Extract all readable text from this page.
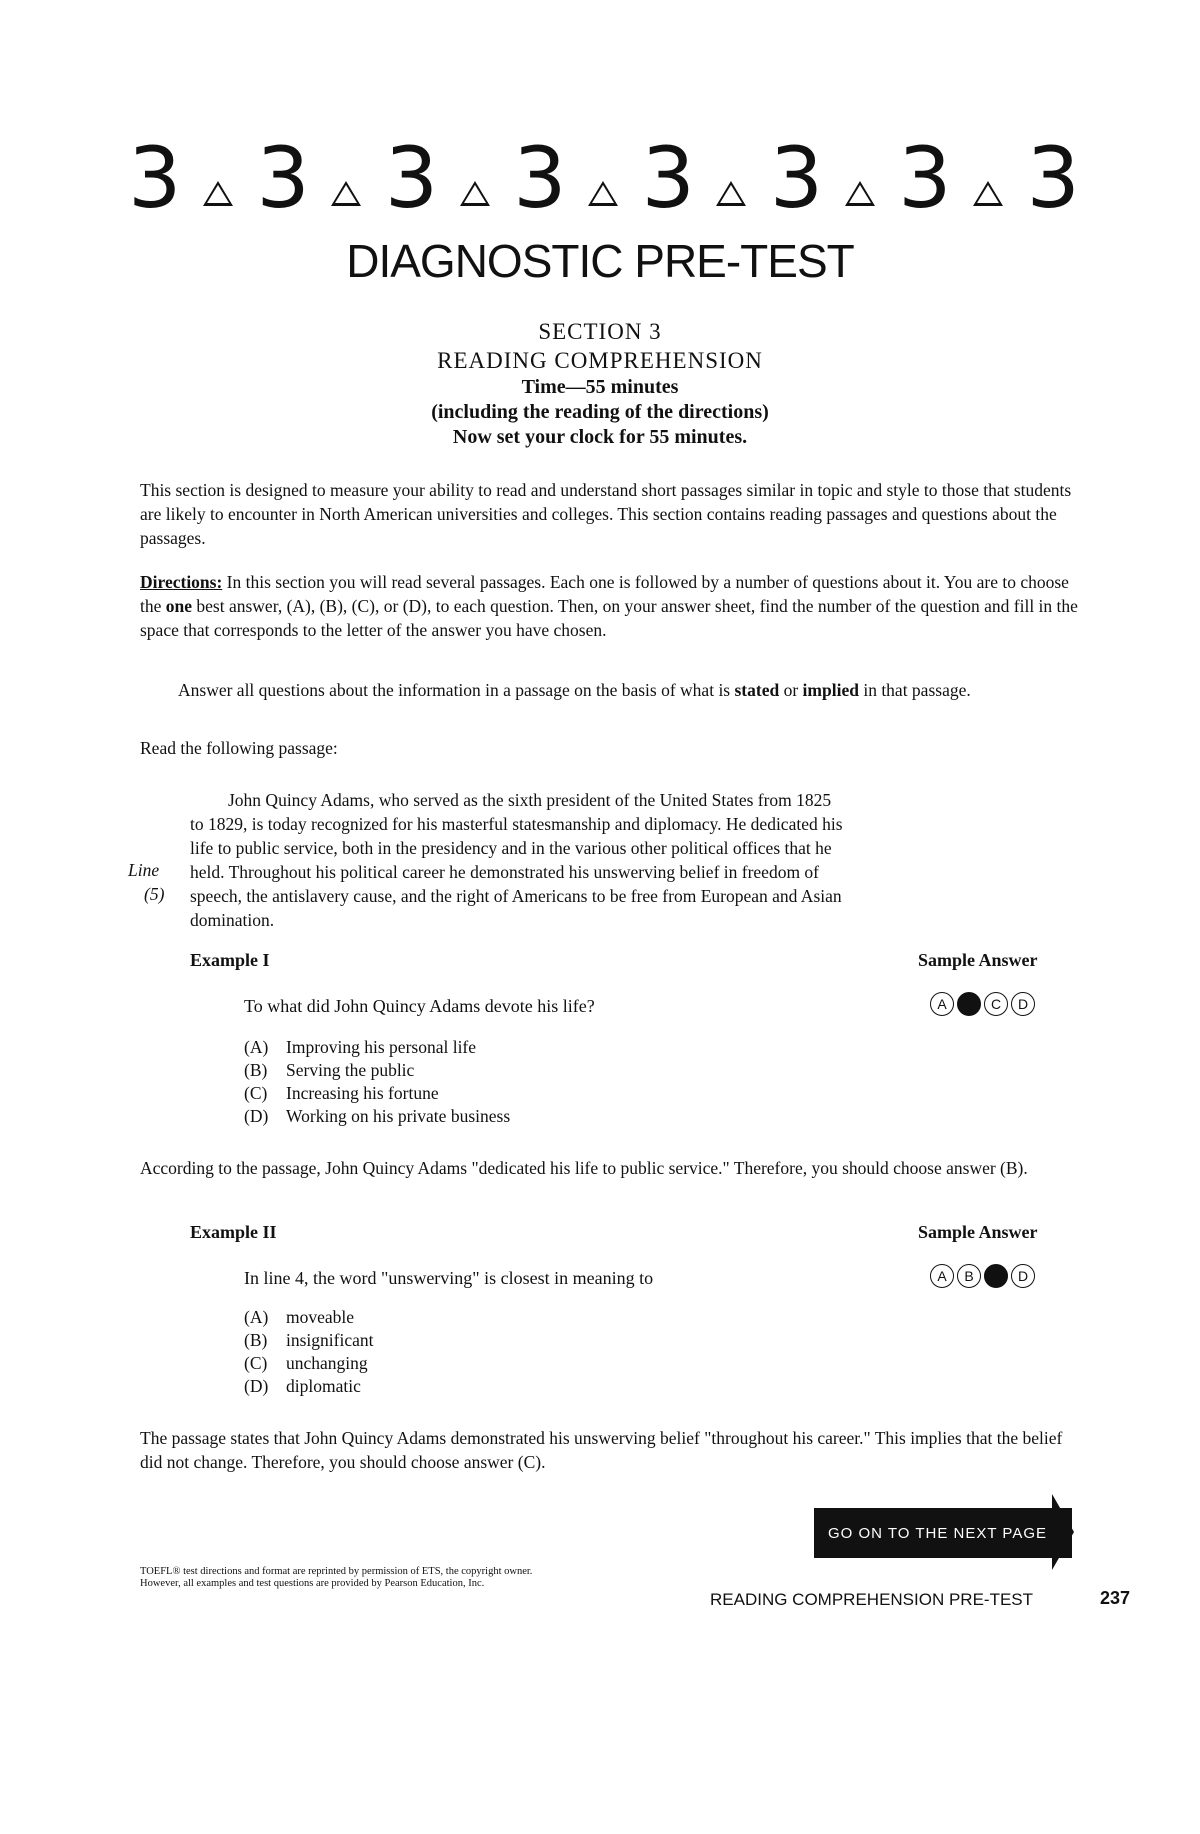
3 3 3 3 3 3 3 3
DIAGNOSTIC PRE-TEST
SECTION 3
READING COMPREHENSION
Time—55 minutes
(including the reading of the directions)
Now set your clock for 55 minutes.
This section is designed to measure your ability to read and understand short passages similar in topic and style to those that students are likely to encounter in North American universities and colleges. This section contains reading passages and questions about the passages.
Directions: In this section you will read several passages. Each one is followed by a number of questions about it. You are to choose the one best answer, (A), (B), (C), or (D), to each question. Then, on your answer sheet, find the number of the question and fill in the space that corresponds to the letter of the answer you have chosen.
Answer all questions about the information in a passage on the basis of what is stated or implied in that passage.
Read the following passage:
John Quincy Adams, who served as the sixth president of the United States from 1825
to 1829, is today recognized for his masterful statesmanship and diplomacy. He dedicated his
life to public service, both in the presidency and in the various other political offices that he
held. Throughout his political career he demonstrated his unswerving belief in freedom of
speech, the antislavery cause, and the right of Americans to be free from European and Asian
domination.
Line
(5)
Example I	Sample Answer
To what did John Quincy Adams devote his life?	A	B	C	D
(A)	Improving his personal life
(B)	Serving the public
(C)	Increasing his fortune
(D)	Working on his private business
According to the passage, John Quincy Adams "dedicated his life to public service." Therefore, you should choose answer (B).
Example II	Sample Answer
In line 4, the word "unswerving" is closest in meaning to	A	B	C	D
(A)	moveable
(B)	insignificant
(C)	unchanging
(D)	diplomatic
The passage states that John Quincy Adams demonstrated his unswerving belief "throughout his career." This implies that the belief did not change. Therefore, you should choose answer (C).
GO ON TO THE NEXT PAGE
TOEFL® test directions and format are reprinted by permission of ETS, the copyright owner. However, all examples and test questions are provided by Pearson Education, Inc.
READING COMPREHENSION PRE-TEST	237
